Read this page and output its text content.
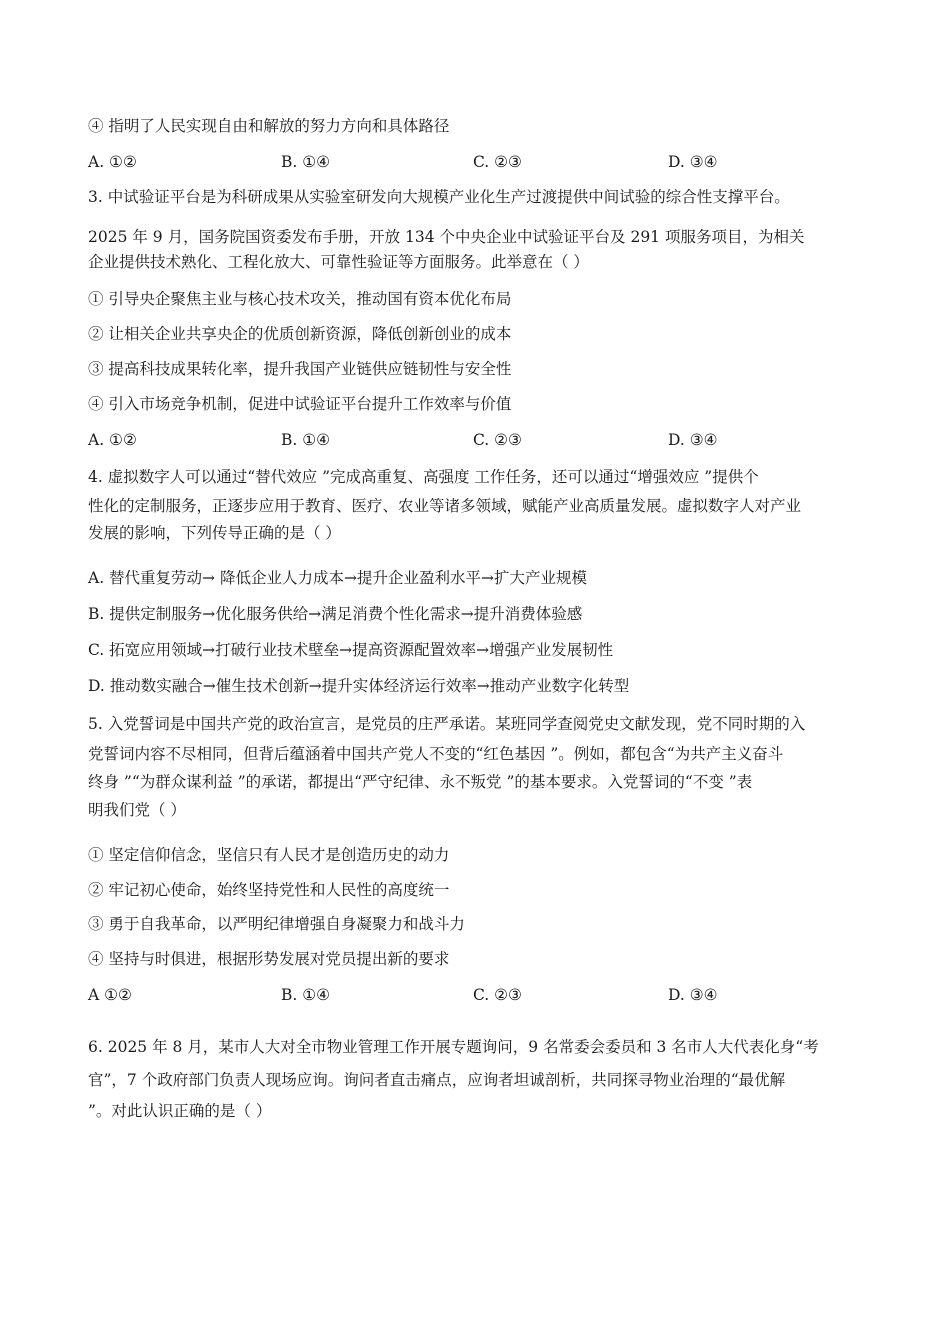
④ 指明了人民实现自由和解放的努力方向和具体路径
A. ①②	B. ①④	C. ②③	D. ③④
3. 中试验证平台是为科研成果从实验室研发向大规模产业化生产过渡提供中间试验的综合性支撑平台。
2025 年 9 月，国务院国资委发布手册，开放 134 个中央企业中试验证平台及 291 项服务项目，为相关
企业提供技术熟化、工程化放大、可靠性验证等方面服务。此举意在（ ）
① 引导央企聚焦主业与核心技术攻关，推动国有资本优化布局
② 让相关企业共享央企的优质创新资源，降低创新创业的成本
③ 提高科技成果转化率，提升我国产业链供应链韧性与安全性
④ 引入市场竞争机制，促进中试验证平台提升工作效率与价值
A. ①②	B. ①④	C. ②③	D. ③④
4. 虚拟数字人可以通过“替代效应 ”完成高重复、高强度 工作任务，还可以通过“增强效应 ”提供个
性化的定制服务，正逐步应用于教育、医疗、农业等诸多领域，赋能产业高质量发展。虚拟数字人对产业
发展的影响，下列传导正确的是（ ）
A. 替代重复劳动→ 降低企业人力成本→提升企业盈利水平→扩大产业规模
B. 提供定制服务→优化服务供给→满足消费个性化需求→提升消费体验感
C. 拓宽应用领域→打破行业技术壁垒→提高资源配置效率→增强产业发展韧性
D. 推动数实融合→催生技术创新→提升实体经济运行效率→推动产业数字化转型
5. 入党誓词是中国共产党的政治宣言，是党员的庄严承诺。某班同学查阅党史文献发现，党不同时期的入
党誓词内容不尽相同，但背后蕴涵着中国共产党人不变的“红色基因 ”。例如，都包含“为共产主义奋斗
终身 ”“为群众谋利益 ”的承诺，都提出“严守纪律、永不叛党 ”的基本要求。入党誓词的“不变 ”表
明我们党（ ）
① 坚定信仰信念，坚信只有人民才是创造历史的动力
② 牢记初心使命，始终坚持党性和人民性的高度统一
③ 勇于自我革命，以严明纪律增强自身凝聚力和战斗力
④ 坚持与时俱进，根据形势发展对党员提出新的要求
A ①②	B. ①④	C. ②③	D. ③④
6. 2025 年 8 月，某市人大对全市物业管理工作开展专题询问，9 名常委会委员和 3 名市人大代表化身“考
官”，7 个政府部门负责人现场应询。询问者直击痛点，应询者坦诚剖析，共同探寻物业治理的“最优解
”。对此认识正确的是（ ）
